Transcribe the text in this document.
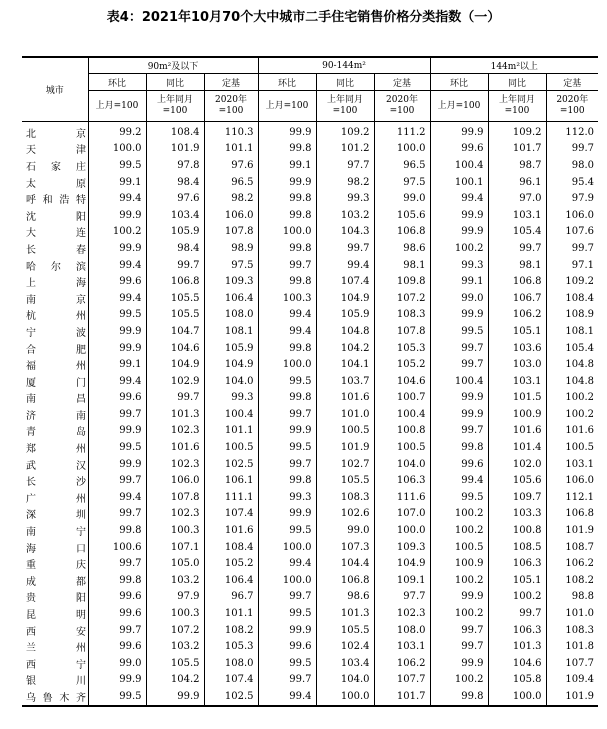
表4：2021年10月70个大中城市二手住宅销售价格分类指数（一）
城市	90m²及以下			90-144m²			144m²以上		
	环比	同比	定基	环比	同比	定基	环比	同比	定基
	上月=100	上年同月=100	2020年=100	上月=100	上年同月=100	2020年=100	上月=100	上年同月=100	2020年=100

北　　京	99.2	108.4	110.3	99.9	109.2	111.2	99.9	109.2	112.0

天　　津	100.0	101.9	101.1	99.8	101.2	100.0	99.6	101.7	99.7

石家庄	99.5	97.8	97.6	99.1	97.7	96.5	100.4	98.7	98.0

太　　原	99.1	98.4	96.5	99.9	98.2	97.5	100.1	96.1	95.4

呼和浩特	99.4	97.6	98.2	99.8	99.3	99.0	99.4	97.0	97.9

沈　　阳	99.9	103.4	106.0	99.8	103.2	105.6	99.9	103.1	106.0

大　　连	100.2	105.9	107.8	100.0	104.3	106.8	99.9	105.4	107.6

长　　春	99.9	98.4	98.9	99.8	99.7	98.6	100.2	99.7	99.7

哈尔滨	99.4	99.7	97.5	99.7	99.4	98.1	99.3	98.1	97.1

上　　海	99.6	106.8	109.3	99.8	107.4	109.8	99.1	106.8	109.2

南　　京	99.4	105.5	106.4	100.3	104.9	107.2	99.0	106.7	108.4

杭　　州	99.5	105.5	108.0	99.4	105.9	108.3	99.9	106.2	108.9

宁　　波	99.9	104.7	108.1	99.4	104.8	107.8	99.5	105.1	108.1

合　　肥	99.9	104.6	105.9	99.8	104.2	105.3	99.7	103.6	105.4

福　　州	99.1	104.9	104.9	100.0	104.1	105.2	99.7	103.0	104.8

厦　　门	99.4	102.9	104.0	99.5	103.7	104.6	100.4	103.1	104.8

南　　昌	99.6	99.7	99.3	99.8	101.6	100.7	99.9	101.5	100.2

济　　南	99.7	101.3	100.4	99.7	101.0	100.4	99.9	100.9	100.2

青　　岛	99.9	102.3	101.1	99.9	100.5	100.8	99.7	101.6	101.6

郑　　州	99.5	101.6	100.5	99.5	101.9	100.5	99.8	101.4	100.5

武　　汉	99.9	102.3	102.5	99.7	102.7	104.0	99.6	102.0	103.1

长　　沙	99.7	106.0	106.1	99.8	105.5	106.3	99.4	105.6	106.0

广　　州	99.4	107.8	111.1	99.3	108.3	111.6	99.5	109.7	112.1

深　　圳	99.7	102.3	107.4	99.9	102.6	107.0	100.2	103.3	106.8

南　　宁	99.8	100.3	101.6	99.5	99.0	100.0	100.2	100.8	101.9

海　　口	100.6	107.1	108.4	100.0	107.3	109.3	100.5	108.5	108.7

重　　庆	99.7	105.0	105.2	99.4	104.4	104.9	100.9	106.3	106.2

成　　都	99.8	103.2	106.4	100.0	106.8	109.1	100.2	105.1	108.2

贵　　阳	99.6	97.9	96.7	99.7	98.6	97.7	99.9	100.2	98.8

昆　　明	99.6	100.3	101.1	99.5	101.3	102.3	100.2	99.7	101.0

西　　安	99.7	107.2	108.2	99.9	105.5	108.0	99.7	106.3	108.3

兰　　州	99.6	103.2	105.3	99.6	102.4	103.1	99.7	101.3	101.8

西　　宁	99.0	105.5	108.0	99.5	103.4	106.2	99.9	104.6	107.7

银　　川	99.9	104.2	107.4	99.7	104.0	107.7	100.2	105.8	109.4

乌鲁木齐	99.5	99.9	102.5	99.4	100.0	101.7	99.8	100.0	101.9
